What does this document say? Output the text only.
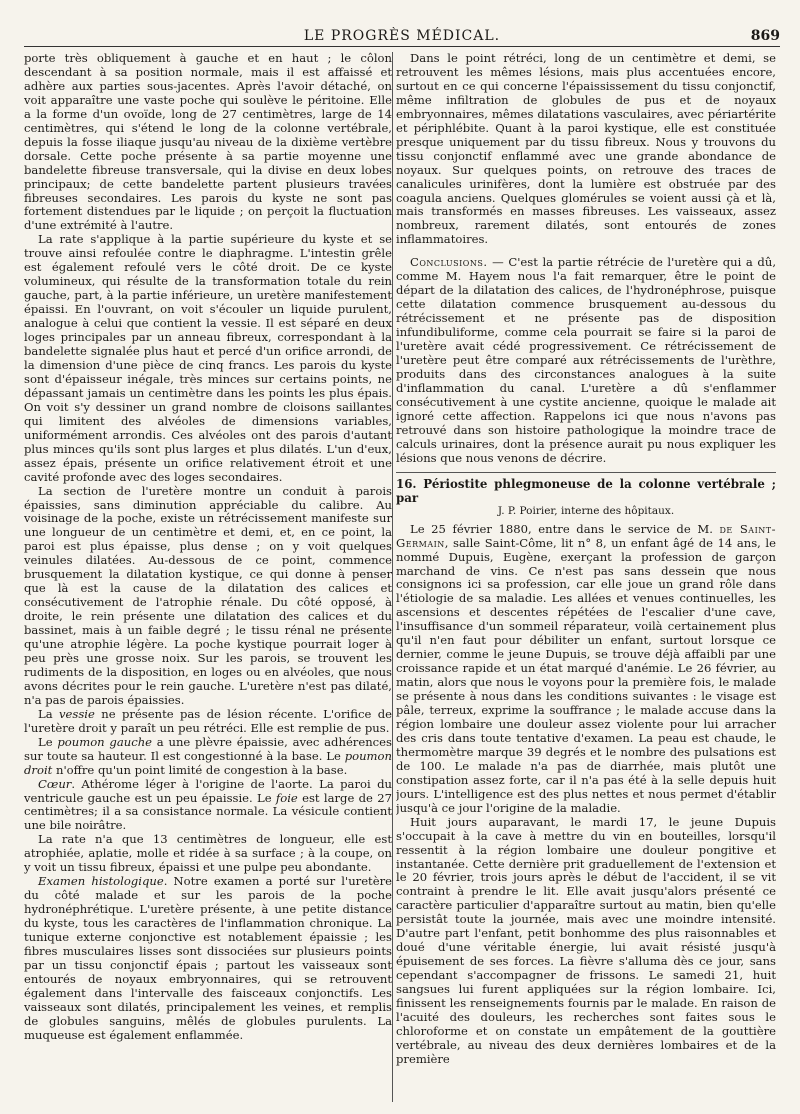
LE PROGRÈS MÉDICAL.	869

porte très obliquement à gauche et en haut ; le côlon descendant à sa position normale, mais il est affaissé et adhère aux parties sous-jacentes. Après l'avoir détaché, on voit apparaître une vaste poche qui soulève le péritoine. Elle a la forme d'un ovoïde, long de 27 centimètres, large de 14 centimètres, qui s'étend le long de la colonne vertébrale, depuis la fosse iliaque jusqu'au niveau de la dixième vertèbre dorsale. Cette poche présente à sa partie moyenne une bandelette fibreuse transversale, qui la divise en deux lobes principaux; de cette bandelette partent plusieurs travées fibreuses secondaires. Les parois du kyste ne sont pas fortement distendues par le liquide ; on perçoit la fluctuation d'une extrémité à l'autre.

La rate s'applique à la partie supérieure du kyste et se trouve ainsi refoulée contre le diaphragme. L'intestin grêle est également refoulé vers le côté droit. De ce kyste volumineux, qui résulte de la transformation totale du rein gauche, part, à la partie inférieure, un uretère manifestement épaissi. En l'ouvrant, on voit s'écouler un liquide purulent, analogue à celui que contient la vessie. Il est séparé en deux loges principales par un anneau fibreux, correspondant à la bandelette signalée plus haut et percé d'un orifice arrondi, de la dimension d'une pièce de cinq francs. Les parois du kyste sont d'épaisseur inégale, très minces sur certains points, ne dépassant jamais un centimètre dans les points les plus épais. On voit s'y dessiner un grand nombre de cloisons saillantes qui limitent des alvéoles de dimensions variables, uniformément arrondis. Ces alvéoles ont des parois d'autant plus minces qu'ils sont plus larges et plus dilatés. L'un d'eux, assez épais, présente un orifice relativement étroit et une cavité profonde avec des loges secondaires.

La section de l'uretère montre un conduit à parois épaissies, sans diminution appréciable du calibre. Au voisinage de la poche, existe un rétrécissement manifeste sur une longueur de un centimètre et demi, et, en ce point, la paroi est plus épaisse, plus dense ; on y voit quelques veinules dilatées. Au-dessous de ce point, commence brusquement la dilatation kystique, ce qui donne à penser que là est la cause de la dilatation des calices et consécutivement de l'atrophie rénale. Du côté opposé, à droite, le rein présente une dilatation des calices et du bassinet, mais à un faible degré ; le tissu rénal ne présente qu'une atrophie légère. La poche kystique pourrait loger à peu près une grosse noix. Sur les parois, se trouvent les rudiments de la disposition, en loges ou en alvéoles, que nous avons décrites pour le rein gauche. L'uretère n'est pas dilaté, n'a pas de parois épaissies.

La vessie ne présente pas de lésion récente. L'orifice de l'uretère droit y paraît un peu rétréci. Elle est remplie de pus.

Le poumon gauche a une plèvre épaissie, avec adhérences sur toute sa hauteur. Il est congestionné à la base. Le poumon droit n'offre qu'un point limité de congestion à la base.

Cœur. Athérome léger à l'origine de l'aorte. La paroi du ventricule gauche est un peu épaissie. Le foie est large de 27 centimètres; il a sa consistance normale. La vésicule contient une bile noirâtre.

La rate n'a que 13 centimètres de longueur, elle est atrophiée, aplatie, molle et ridée à sa surface ; à la coupe, on y voit un tissu fibreux, épaissi et une pulpe peu abondante.

Examen histologique. Notre examen a porté sur l'uretère du côté malade et sur les parois de la poche hydronéphrétique. L'uretère présente, à une petite distance du kyste, tous les caractères de l'inflammation chronique. La tunique externe conjonctive est notablement épaissie ; les fibres musculaires lisses sont dissociées sur plusieurs points par un tissu conjonctif épais ; partout les vaisseaux sont entourés de noyaux embryonnaires, qui se retrouvent également dans l'intervalle des faisceaux conjonctifs. Les vaisseaux sont dilatés, principalement les veines, et remplis de globules sanguins, mêlés de globules purulents. La muqueuse est également enflammée.

Dans le point rétréci, long de un centimètre et demi, se retrouvent les mêmes lésions, mais plus accentuées encore, surtout en ce qui concerne l'épaississement du tissu conjonctif, même infiltration de globules de pus et de noyaux embryonnaires, mêmes dilatations vasculaires, avec périartérite et périphlébite. Quant à la paroi kystique, elle est constituée presque uniquement par du tissu fibreux. Nous y trouvons du tissu conjonctif enflammé avec une grande abondance de noyaux. Sur quelques points, on retrouve des traces de canalicules urinifères, dont la lumière est obstruée par des coagula anciens. Quelques glomérules se voient aussi çà et là, mais transformés en masses fibreuses. Les vaisseaux, assez nombreux, rarement dilatés, sont entourés de zones inflammatoires.

Conclusions. — C'est la partie rétrécie de l'uretère qui a dû, comme M. Hayem nous l'a fait remarquer, être le point de départ de la dilatation des calices, de l'hydronéphrose, puisque cette dilatation commence brusquement au-dessous du rétrécissement et ne présente pas de disposition infundibuliforme, comme cela pourrait se faire si la paroi de l'uretère avait cédé progressivement. Ce rétrécissement de l'uretère peut être comparé aux rétrécissements de l'urèthre, produits dans des circonstances analogues à la suite d'inflammation du canal. L'uretère a dû s'enflammer consécutivement à une cystite ancienne, quoique le malade ait ignoré cette affection. Rappelons ici que nous n'avons pas retrouvé dans son histoire pathologique la moindre trace de calculs urinaires, dont la présence aurait pu nous expliquer les lésions que nous venons de décrire.

16. Périostite phlegmoneuse de la colonne vertébrale ; par

J. P. Poirier, interne des hôpitaux.

Le 25 février 1880, entre dans le service de M. de Saint-Germain, salle Saint-Côme, lit n° 8, un enfant âgé de 14 ans, le nommé Dupuis, Eugène, exerçant la profession de garçon marchand de vins. Ce n'est pas sans dessein que nous consignons ici sa profession, car elle joue un grand rôle dans l'étiologie de sa maladie. Les allées et venues continuelles, les ascensions et descentes répétées de l'escalier d'une cave, l'insuffisance d'un sommeil réparateur, voilà certainement plus qu'il n'en faut pour débiliter un enfant, surtout lorsque ce dernier, comme le jeune Dupuis, se trouve déjà affaibli par une croissance rapide et un état marqué d'anémie. Le 26 février, au matin, alors que nous le voyons pour la première fois, le malade se présente à nous dans les conditions suivantes : le visage est pâle, terreux, exprime la souffrance ; le malade accuse dans la région lombaire une douleur assez violente pour lui arracher des cris dans toute tentative d'examen. La peau est chaude, le thermomètre marque 39 degrés et le nombre des pulsations est de 100. Le malade n'a pas de diarrhée, mais plutôt une constipation assez forte, car il n'a pas été à la selle depuis huit jours. L'intelligence est des plus nettes et nous permet d'établir jusqu'à ce jour l'origine de la maladie.

Huit jours auparavant, le mardi 17, le jeune Dupuis s'occupait à la cave à mettre du vin en bouteilles, lorsqu'il ressentit à la région lombaire une douleur pongitive et instantanée. Cette dernière prit graduellement de l'extension et le 20 février, trois jours après le début de l'accident, il se vit contraint à prendre le lit. Elle avait jusqu'alors présenté ce caractère particulier d'apparaître surtout au matin, bien qu'elle persistât toute la journée, mais avec une moindre intensité. D'autre part l'enfant, petit bonhomme des plus raisonnables et doué d'une véritable énergie, lui avait résisté jusqu'à épuisement de ses forces. La fièvre s'alluma dès ce jour, sans cependant s'accompagner de frissons. Le samedi 21, huit sangsues lui furent appliquées sur la région lombaire. Ici, finissent les renseignements fournis par le malade. En raison de l'acuité des douleurs, les recherches sont faites sous le chloroforme et on constate un empâtement de la gouttière vertébrale, au niveau des deux dernières lombaires et de la première
